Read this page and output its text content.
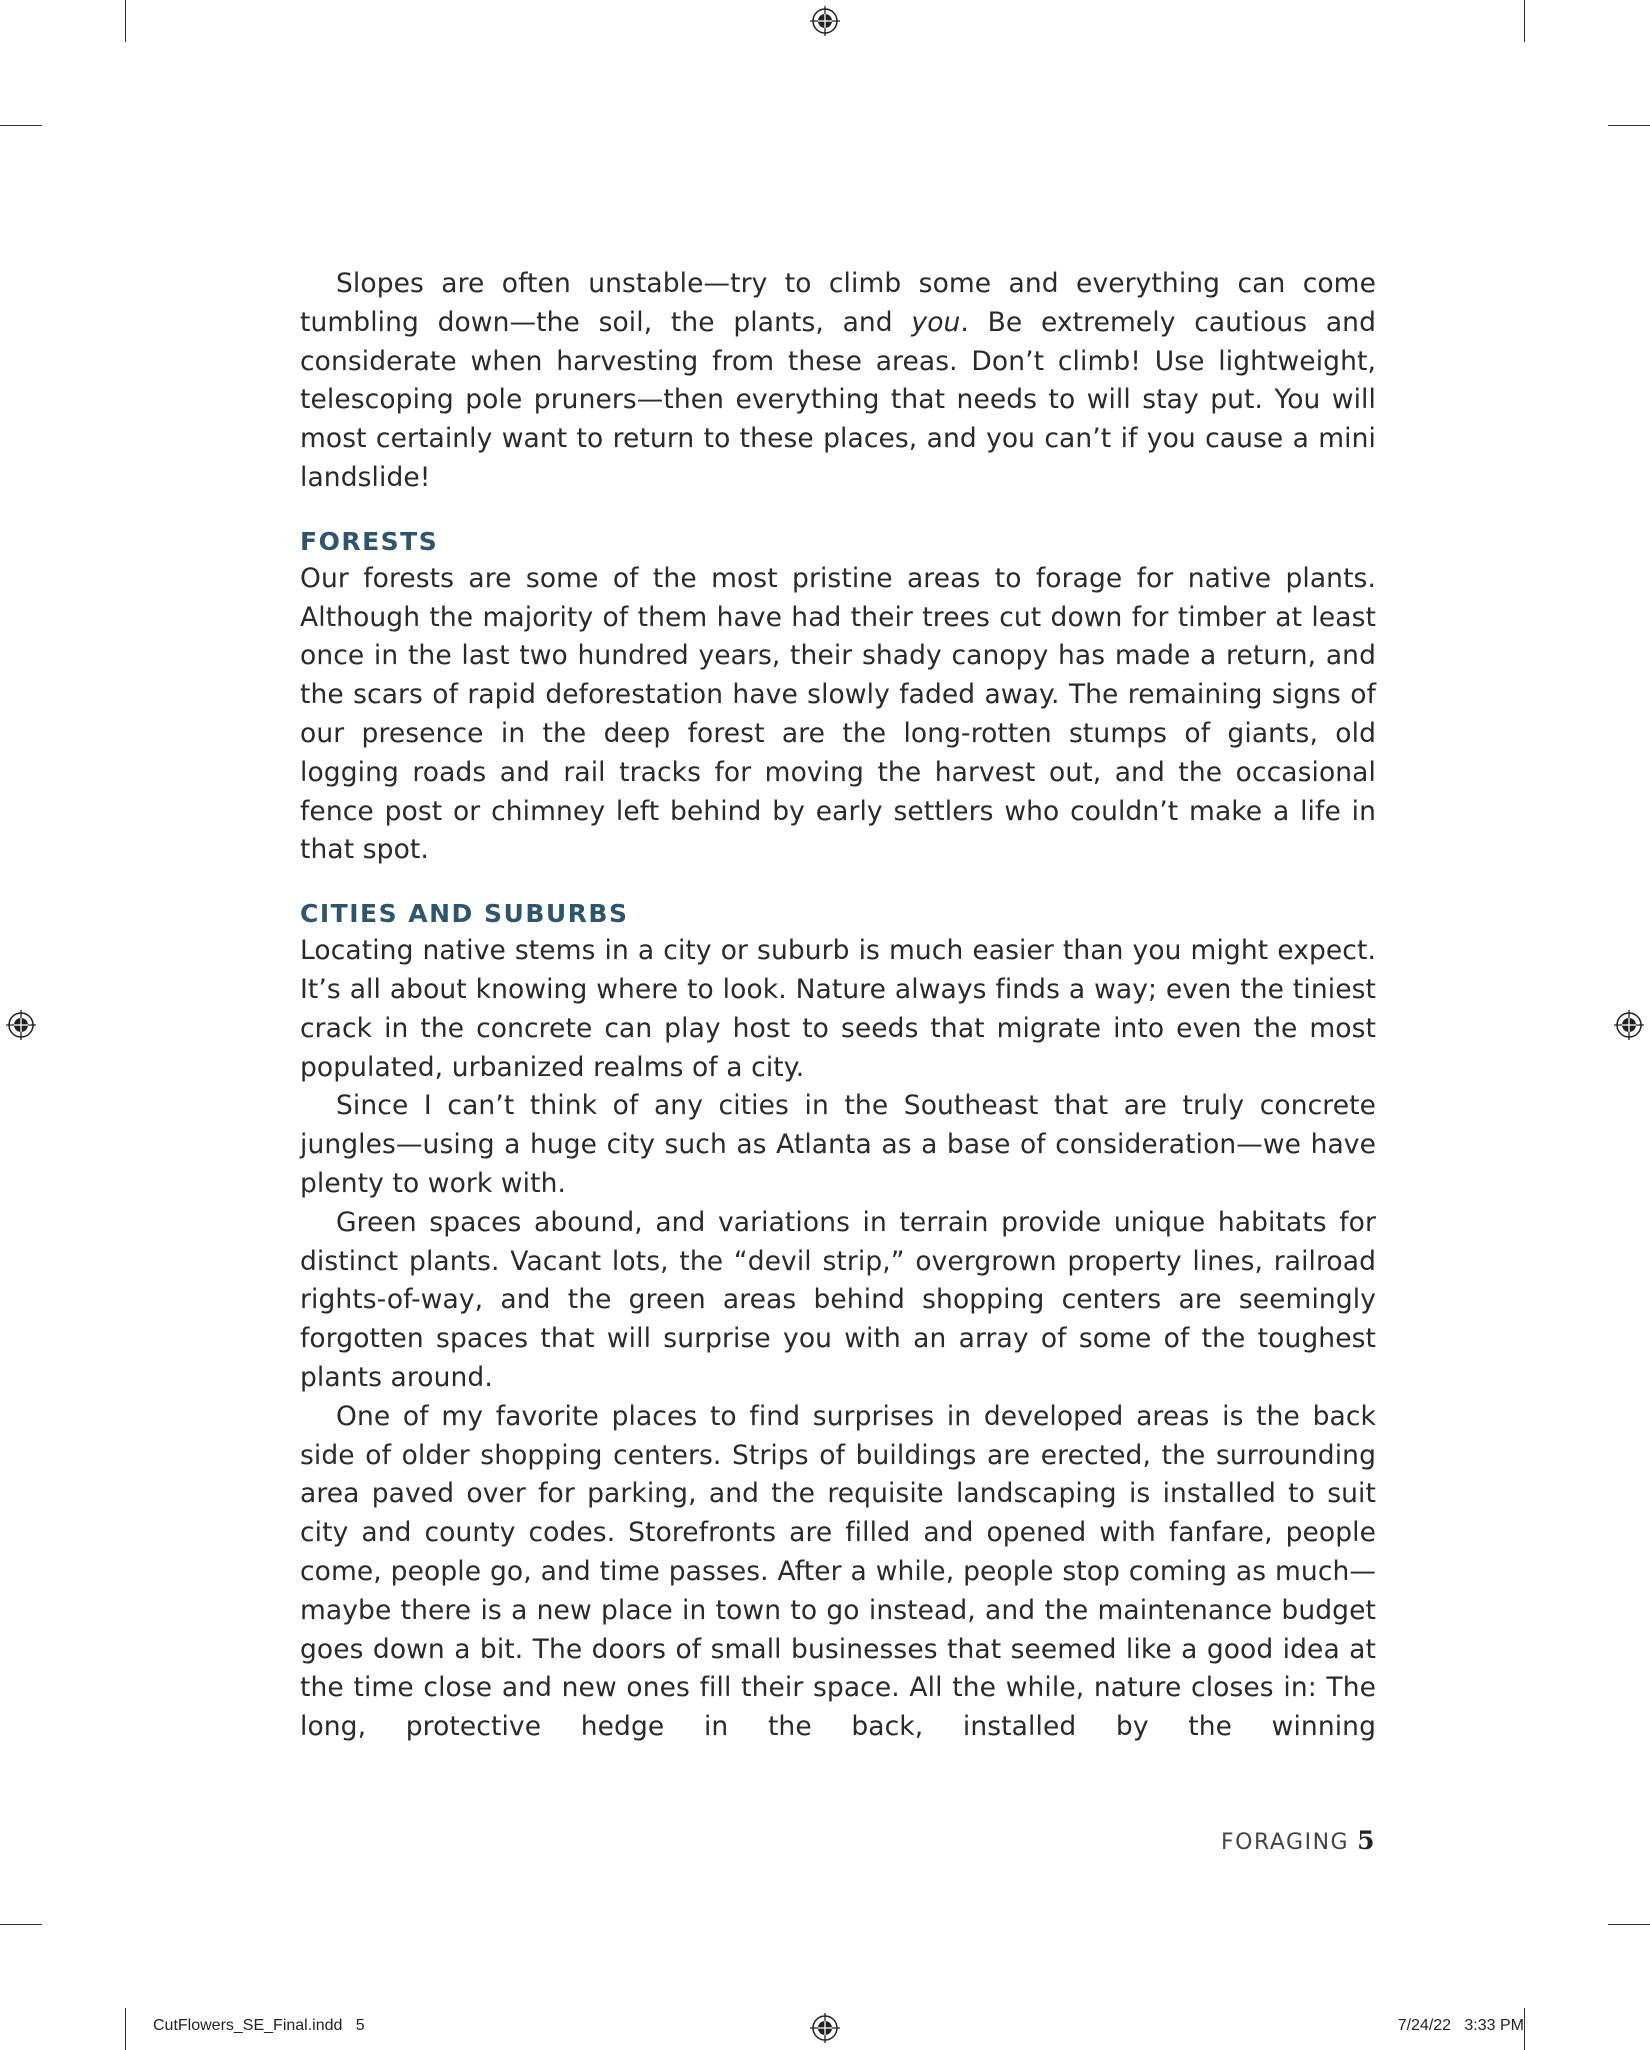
Slopes are often unstable—try to climb some and everything can come tumbling down—the soil, the plants, and you. Be extremely cautious and considerate when harvesting from these areas. Don’t climb! Use lightweight, telescoping pole pruners—then everything that needs to will stay put. You will most certainly want to return to these places, and you can’t if you cause a mini landslide!

FORESTS

Our forests are some of the most pristine areas to forage for native plants. Although the majority of them have had their trees cut down for timber at least once in the last two hundred years, their shady canopy has made a return, and the scars of rapid deforestation have slowly faded away. The remaining signs of our presence in the deep forest are the long-rotten stumps of giants, old logging roads and rail tracks for moving the harvest out, and the occasional fence post or chimney left behind by early settlers who couldn’t make a life in that spot.

CITIES AND SUBURBS

Locating native stems in a city or suburb is much easier than you might expect. It’s all about knowing where to look. Nature always finds a way; even the tiniest crack in the concrete can play host to seeds that migrate into even the most populated, urbanized realms of a city.

Since I can’t think of any cities in the Southeast that are truly concrete jungles—using a huge city such as Atlanta as a base of consideration—we have plenty to work with.

Green spaces abound, and variations in terrain provide unique habitats for distinct plants. Vacant lots, the “devil strip,” overgrown property lines, railroad rights-of-way, and the green areas behind shopping centers are seemingly forgotten spaces that will surprise you with an array of some of the toughest plants around.

One of my favorite places to find surprises in developed areas is the back side of older shopping centers. Strips of buildings are erected, the surrounding area paved over for parking, and the requisite landscaping is installed to suit city and county codes. Storefronts are filled and opened with fanfare, people come, people go, and time passes. After a while, people stop coming as much—maybe there is a new place in town to go instead, and the maintenance budget goes down a bit. The doors of small businesses that seemed like a good idea at the time close and new ones fill their space. All the while, nature closes in: The long, protective hedge in the back, installed by the winning

FORAGING 5
CutFlowers_SE_Final.indd   5	7/24/22   3:33 PM
